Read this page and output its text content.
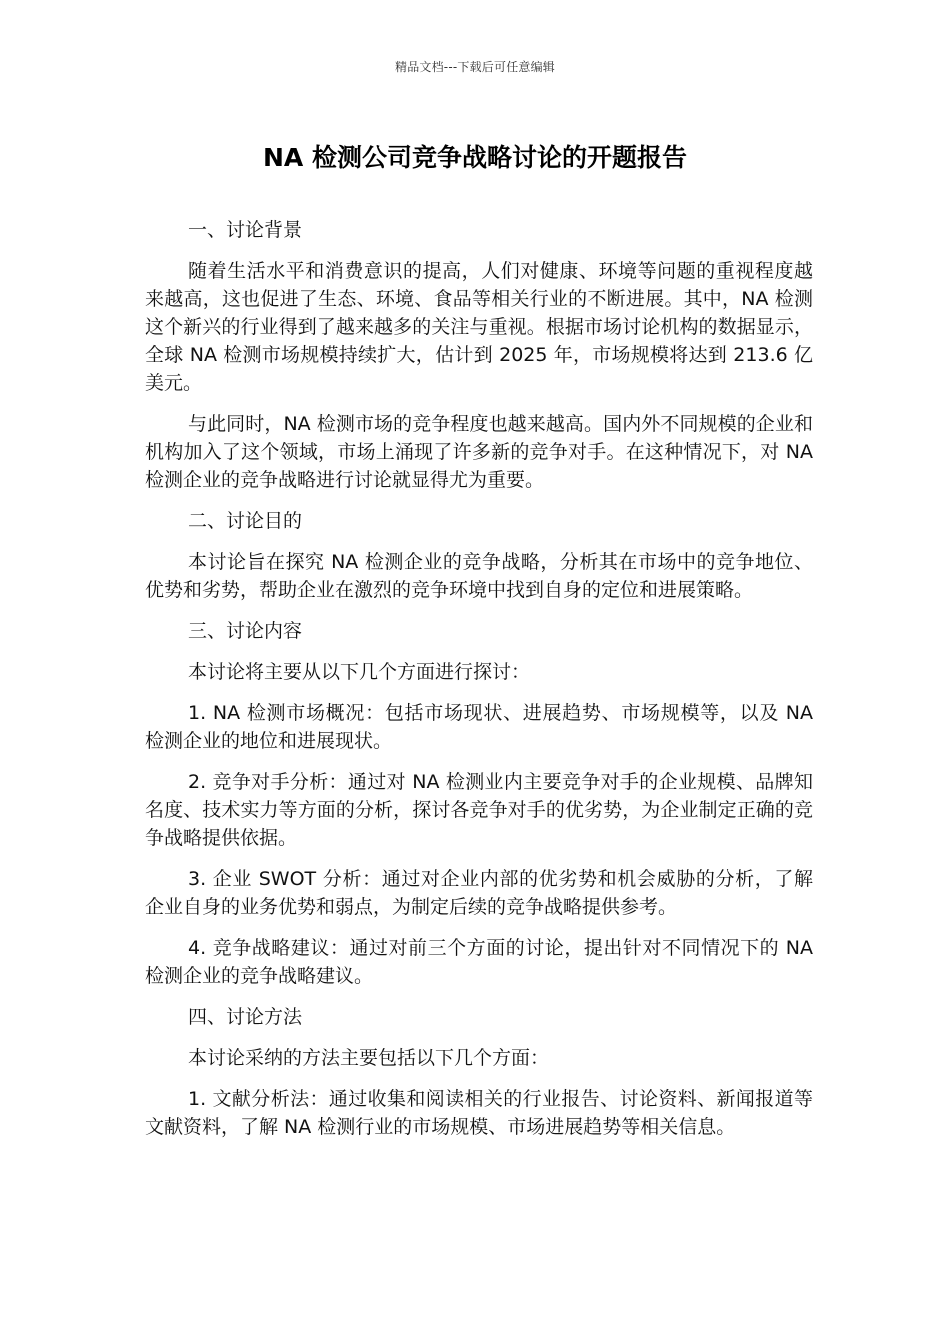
精品文档---下载后可任意编辑
NA 检测公司竞争战略讨论的开题报告

一、讨论背景

随着生活水平和消费意识的提高，人们对健康、环境等问题的重视程度越来越高，这也促进了生态、环境、食品等相关行业的不断进展。其中，NA 检测这个新兴的行业得到了越来越多的关注与重视。根据市场讨论机构的数据显示，全球 NA 检测市场规模持续扩大，估计到 2025 年，市场规模将达到 213.6 亿美元。

与此同时，NA 检测市场的竞争程度也越来越高。国内外不同规模的企业和机构加入了这个领域，市场上涌现了许多新的竞争对手。在这种情况下，对 NA 检测企业的竞争战略进行讨论就显得尤为重要。

二、讨论目的

本讨论旨在探究 NA 检测企业的竞争战略，分析其在市场中的竞争地位、优势和劣势，帮助企业在激烈的竞争环境中找到自身的定位和进展策略。

三、讨论内容

本讨论将主要从以下几个方面进行探讨：

1. NA 检测市场概况：包括市场现状、进展趋势、市场规模等，以及 NA 检测企业的地位和进展现状。

2. 竞争对手分析：通过对 NA 检测业内主要竞争对手的企业规模、品牌知名度、技术实力等方面的分析，探讨各竞争对手的优劣势，为企业制定正确的竞争战略提供依据。

3. 企业 SWOT 分析：通过对企业内部的优劣势和机会威胁的分析，了解企业自身的业务优势和弱点，为制定后续的竞争战略提供参考。

4. 竞争战略建议：通过对前三个方面的讨论，提出针对不同情况下的 NA 检测企业的竞争战略建议。

四、讨论方法

本讨论采纳的方法主要包括以下几个方面：

1. 文献分析法：通过收集和阅读相关的行业报告、讨论资料、新闻报道等文献资料，了解 NA 检测行业的市场规模、市场进展趋势等相关信息。
